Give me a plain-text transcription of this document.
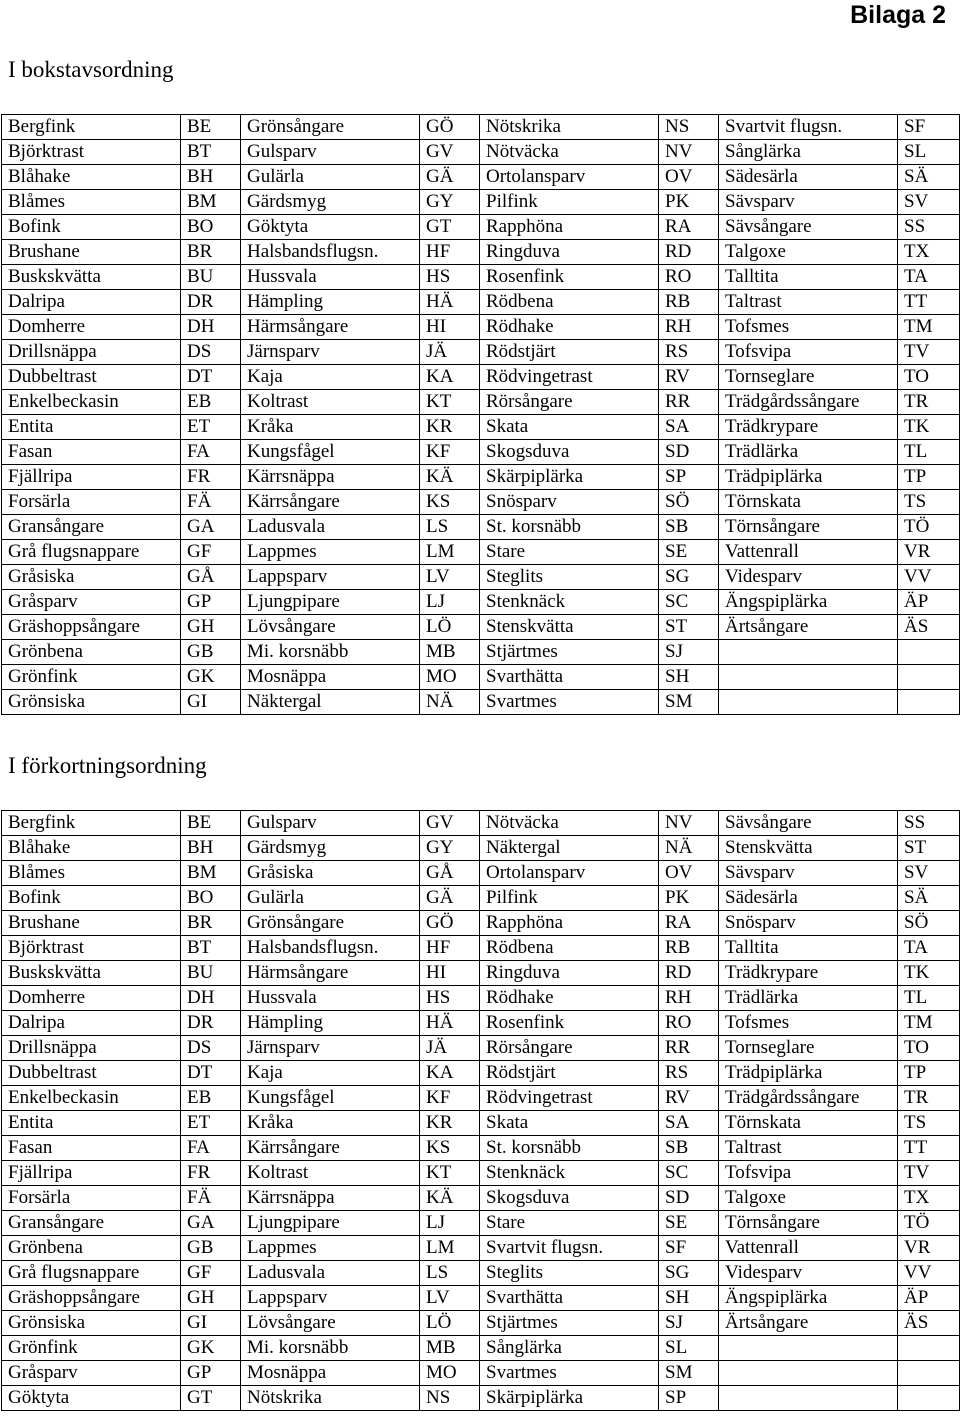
Bilaga 2
I bokstavsordning
Bergfink	BE	Grönsångare	GÖ	Nötskrika	NS	Svartvit flugsn.	SF
Björktrast	BT	Gulsparv	GV	Nötväcka	NV	Sånglärka	SL
Blåhake	BH	Gulärla	GÄ	Ortolansparv	OV	Sädesärla	SÄ
Blåmes	BM	Gärdsmyg	GY	Pilfink	PK	Sävsparv	SV
Bofink	BO	Göktyta	GT	Rapphöna	RA	Sävsångare	SS
Brushane	BR	Halsbandsflugsn.	HF	Ringduva	RD	Talgoxe	TX
Buskskvätta	BU	Hussvala	HS	Rosenfink	RO	Talltita	TA
Dalripa	DR	Hämpling	HÄ	Rödbena	RB	Taltrast	TT
Domherre	DH	Härmsångare	HI	Rödhake	RH	Tofsmes	TM
Drillsnäppa	DS	Järnsparv	JÄ	Rödstjärt	RS	Tofsvipa	TV
Dubbeltrast	DT	Kaja	KA	Rödvingetrast	RV	Tornseglare	TO
Enkelbeckasin	EB	Koltrast	KT	Rörsångare	RR	Trädgårdssångare	TR
Entita	ET	Kråka	KR	Skata	SA	Trädkrypare	TK
Fasan	FA	Kungsfågel	KF	Skogsduva	SD	Trädlärka	TL
Fjällripa	FR	Kärrsnäppa	KÄ	Skärpiplärka	SP	Trädpiplärka	TP
Forsärla	FÄ	Kärrsångare	KS	Snösparv	SÖ	Törnskata	TS
Gransångare	GA	Ladusvala	LS	St. korsnäbb	SB	Törnsångare	TÖ
Grå flugsnappare	GF	Lappmes	LM	Stare	SE	Vattenrall	VR
Gråsiska	GÅ	Lappsparv	LV	Steglits	SG	Videsparv	VV
Gråsparv	GP	Ljungpipare	LJ	Stenknäck	SC	Ängspiplärka	ÄP
Gräshoppsångare	GH	Lövsångare	LÖ	Stenskvätta	ST	Ärtsångare	ÄS
Grönbena	GB	Mi. korsnäbb	MB	Stjärtmes	SJ		
Grönfink	GK	Mosnäppa	MO	Svarthätta	SH		
Grönsiska	GI	Näktergal	NÄ	Svartmes	SM		
I förkortningsordning
Bergfink	BE	Gulsparv	GV	Nötväcka	NV	Sävsångare	SS
Blåhake	BH	Gärdsmyg	GY	Näktergal	NÄ	Stenskvätta	ST
Blåmes	BM	Gråsiska	GÅ	Ortolansparv	OV	Sävsparv	SV
Bofink	BO	Gulärla	GÄ	Pilfink	PK	Sädesärla	SÄ
Brushane	BR	Grönsångare	GÖ	Rapphöna	RA	Snösparv	SÖ
Björktrast	BT	Halsbandsflugsn.	HF	Rödbena	RB	Talltita	TA
Buskskvätta	BU	Härmsångare	HI	Ringduva	RD	Trädkrypare	TK
Domherre	DH	Hussvala	HS	Rödhake	RH	Trädlärka	TL
Dalripa	DR	Hämpling	HÄ	Rosenfink	RO	Tofsmes	TM
Drillsnäppa	DS	Järnsparv	JÄ	Rörsångare	RR	Tornseglare	TO
Dubbeltrast	DT	Kaja	KA	Rödstjärt	RS	Trädpiplärka	TP
Enkelbeckasin	EB	Kungsfågel	KF	Rödvingetrast	RV	Trädgårdssångare	TR
Entita	ET	Kråka	KR	Skata	SA	Törnskata	TS
Fasan	FA	Kärrsångare	KS	St. korsnäbb	SB	Taltrast	TT
Fjällripa	FR	Koltrast	KT	Stenknäck	SC	Tofsvipa	TV
Forsärla	FÄ	Kärrsnäppa	KÄ	Skogsduva	SD	Talgoxe	TX
Gransångare	GA	Ljungpipare	LJ	Stare	SE	Törnsångare	TÖ
Grönbena	GB	Lappmes	LM	Svartvit flugsn.	SF	Vattenrall	VR
Grå flugsnappare	GF	Ladusvala	LS	Steglits	SG	Videsparv	VV
Gräshoppsångare	GH	Lappsparv	LV	Svarthätta	SH	Ängspiplärka	ÄP
Grönsiska	GI	Lövsångare	LÖ	Stjärtmes	SJ	Ärtsångare	ÄS
Grönfink	GK	Mi. korsnäbb	MB	Sånglärka	SL		
Gråsparv	GP	Mosnäppa	MO	Svartmes	SM		
Göktyta	GT	Nötskrika	NS	Skärpiplärka	SP		
